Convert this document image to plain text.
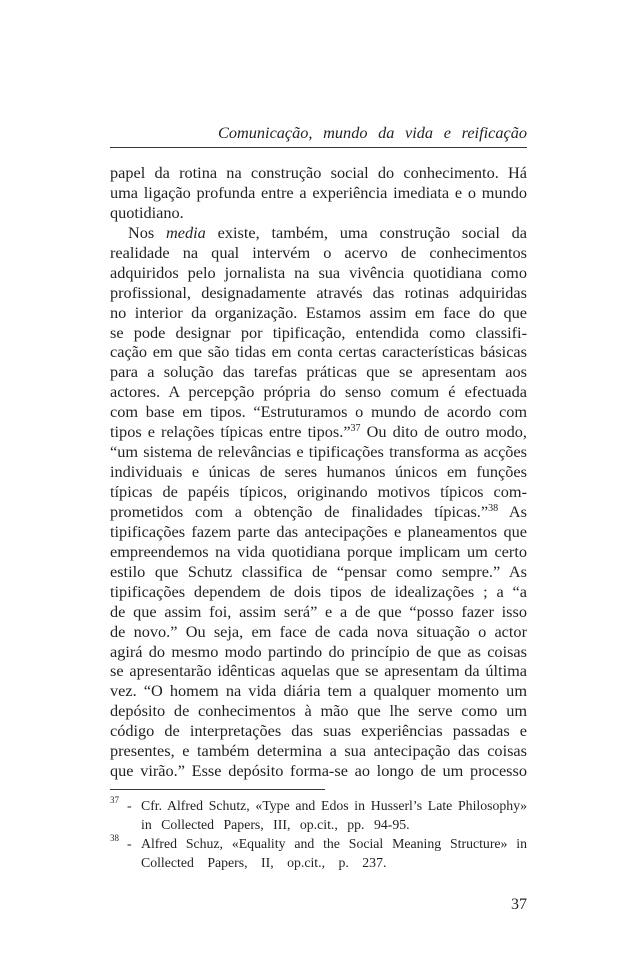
Comunicação, mundo da vida e reificação
papel da rotina na construção social do conhecimento. Há
uma ligação profunda entre a experiência imediata e o mundo
quotidiano.
Nos media existe, também, uma construção social da
realidade na qual intervém o acervo de conhecimentos
adquiridos pelo jornalista na sua vivência quotidiana como
profissional, designadamente através das rotinas adquiridas
no interior da organização. Estamos assim em face do que
se pode designar por tipificação, entendida como classifi-
cação em que são tidas em conta certas características básicas
para a solução das tarefas práticas que se apresentam aos
actores. A percepção própria do senso comum é efectuada
com base em tipos. “Estruturamos o mundo de acordo com
tipos e relações típicas entre tipos.”$^{37}$ Ou dito de outro modo,
“um sistema de relevâncias e tipificações transforma as acções
individuais e únicas de seres humanos únicos em funções
típicas de papéis típicos, originando motivos típicos com-
prometidos com a obtenção de finalidades típicas.”$^{38}$ As
tipificações fazem parte das antecipações e planeamentos que
empreendemos na vida quotidiana porque implicam um certo
estilo que Schutz classifica de “pensar como sempre.” As
tipificações dependem de dois tipos de idealizações ; a “a
de que assim foi, assim será” e a de que “posso fazer isso
de novo.” Ou seja, em face de cada nova situação o actor
agirá do mesmo modo partindo do princípio de que as coisas
se apresentarão idênticas aquelas que se apresentam da última
vez. “O homem na vida diária tem a qualquer momento um
depósito de conhecimentos à mão que lhe serve como um
código de interpretações das suas experiências passadas e
presentes, e também determina a sua antecipação das coisas
que virão.” Esse depósito forma-se ao longo de um processo
37 - Cfr. Alfred Schutz, «Type and Edos in Husserl’s Late Philosophy»
in Collected Papers, III, op.cit., pp. 94-95.
38 - Alfred Schuz, «Equality and the Social Meaning Structure» in
Collected Papers, II, op.cit., p. 237.
37
